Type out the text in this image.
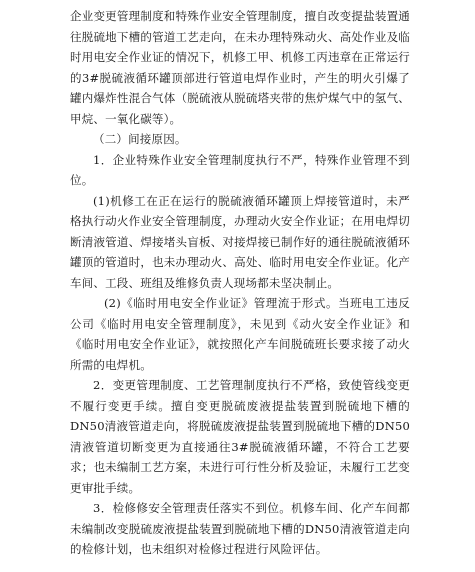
企业变更管理制度和特殊作业安全管理制度，擅自改变提盐装置通往脱硫地下槽的管道工艺走向，在未办理特殊动火、高处作业及临时用电安全作业证的情况下，机修工甲、机修工丙违章在正常运行的3#脱硫液循环罐顶部进行管道电焊作业时，产生的明火引爆了罐内爆炸性混合气体（脱硫液从脱硫塔夹带的焦炉煤气中的氢气、甲烷、一氧化碳等）。

（二）间接原因。

1．企业特殊作业安全管理制度执行不严，特殊作业管理不到位。

(1)机修工在正在运行的脱硫液循环罐顶上焊接管道时，未严格执行动火作业安全管理制度，办理动火安全作业证；在用电焊切断清液管道、焊接堵头盲板、对接焊接已制作好的通往脱硫液循环罐顶的管道时，也未办理动火、高处、临时用电安全作业证。化产车间、工段、班组及维修负责人现场都未坚决制止。

(2)《临时用电安全作业证》管理流于形式。当班电工违反公司《临时用电安全管理制度》，未见到《动火安全作业证》和《临时用电安全作业证》，就按照化产车间脱硫班长要求接了动火所需的电焊机。

2．变更管理制度、工艺管理制度执行不严格，致使管线变更不履行变更手续。擅自变更脱硫废液提盐装置到脱硫地下槽的DN50清液管道走向，将脱硫废液提盐装置到脱硫地下槽的DN50清液管道切断变更为直接通往3#脱硫液循环罐，不符合工艺要求；也未编制工艺方案，未进行可行性分析及验证，未履行工艺变更审批手续。

3．检修修安全管理责任落实不到位。机修车间、化产车间都未编制改变脱硫废液提盐装置到脱硫地下槽的DN50清液管道走向的检修计划，也未组织对检修过程进行风险评估。
